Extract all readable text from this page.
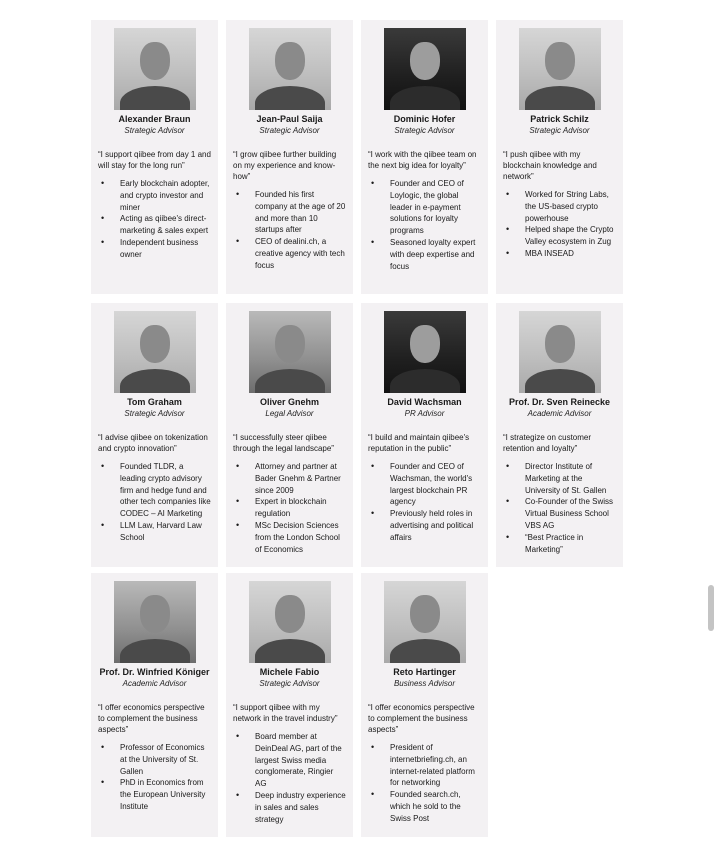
Alexander Braun
Strategic Advisor
“I support qiibee from day 1 and will stay for the long run”
• Early blockchain adopter, and crypto investor and miner
• Acting as qiibee's direct-marketing & sales expert
• Independent business owner
Jean-Paul Saija
Strategic Advisor
“I grow qiibee further building on my experience and know-how”
• Founded his first company at the age of 20 and more than 10 startups after
• CEO of dealini.ch, a creative agency with tech focus
Dominic Hofer
Strategic Advisor
“I work with the qiibee team on the next big idea for loyalty”
• Founder and CEO of Loylogic, the global leader in e-payment solutions for loyalty programs
• Seasoned loyalty expert with deep expertise and focus
Patrick Schilz
Strategic Advisor
“I push qiibee with my blockchain knowledge and network”
• Worked for String Labs, the US-based crypto powerhouse
• Helped shape the Crypto Valley ecosystem in Zug
• MBA INSEAD
Tom Graham
Strategic Advisor
“I advise qiibee on tokenization and crypto innovation”
• Founded TLDR, a leading crypto advisory firm and hedge fund and other tech companies like CODEC – AI Marketing
• LLM Law, Harvard Law School
Oliver Gnehm
Legal Advisor
“I successfully steer qiibee through the legal landscape”
• Attorney and partner at Bader Gnehm & Partner since 2009
• Expert in blockchain regulation
• MSc Decision Sciences from the London School of Economics
David Wachsman
PR Advisor
“I build and maintain qiibee's reputation in the public”
• Founder and CEO of Wachsman, the world's largest blockchain PR agency
• Previously held roles in advertising and political affairs
Prof. Dr. Sven Reinecke
Academic Advisor
“I strategize on customer retention and loyalty”
• Director Institute of Marketing at the University of St. Gallen
• Co-Founder of the Swiss Virtual Business School VBS AG
• “Best Practice in Marketing”
Prof. Dr. Winfried Königer
Academic Advisor
“I offer economics perspective to complement the business aspects”
• Professor of Economics at the University of St. Gallen
• PhD in Economics from the European University Institute
Michele Fabio
Strategic Advisor
“I support qiibee with my network in the travel industry”
• Board member at DeinDeal AG, part of the largest Swiss media conglomerate, Ringier AG
• Deep industry experience in sales and sales strategy
Reto Hartinger
Business Advisor
“I offer economics perspective to complement the business aspects”
• President of internetbriefing.ch, an internet-related platform for networking
• Founded search.ch, which he sold to the Swiss Post
